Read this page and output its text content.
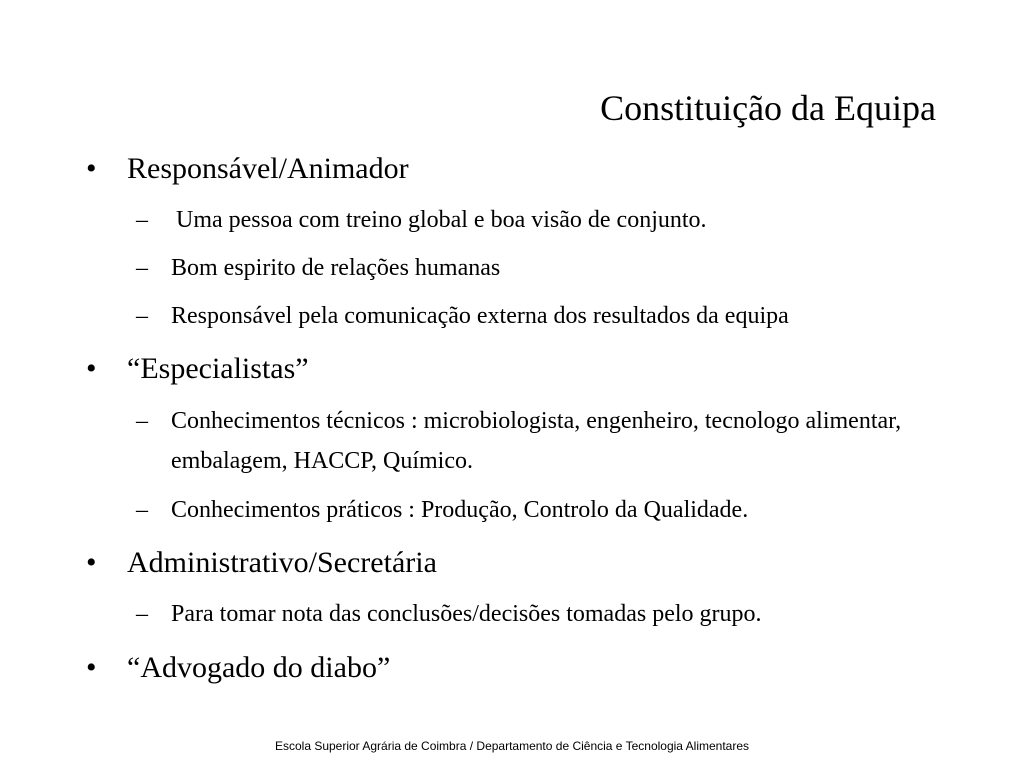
Constituição da Equipa
• Responsável/Animador
– Uma pessoa com treino global e boa visão de conjunto.
– Bom espirito de relações humanas
– Responsável pela comunicação externa dos resultados da equipa
• “Especialistas”
– Conhecimentos técnicos : microbiologista, engenheiro, tecnologo alimentar, embalagem, HACCP, Químico.
– Conhecimentos práticos : Produção, Controlo da Qualidade.
• Administrativo/Secretária
– Para tomar nota das conclusões/decisões tomadas pelo grupo.
• “Advogado do diabo”
Escola Superior Agrária de Coimbra / Departamento de Ciência e Tecnologia Alimentares
